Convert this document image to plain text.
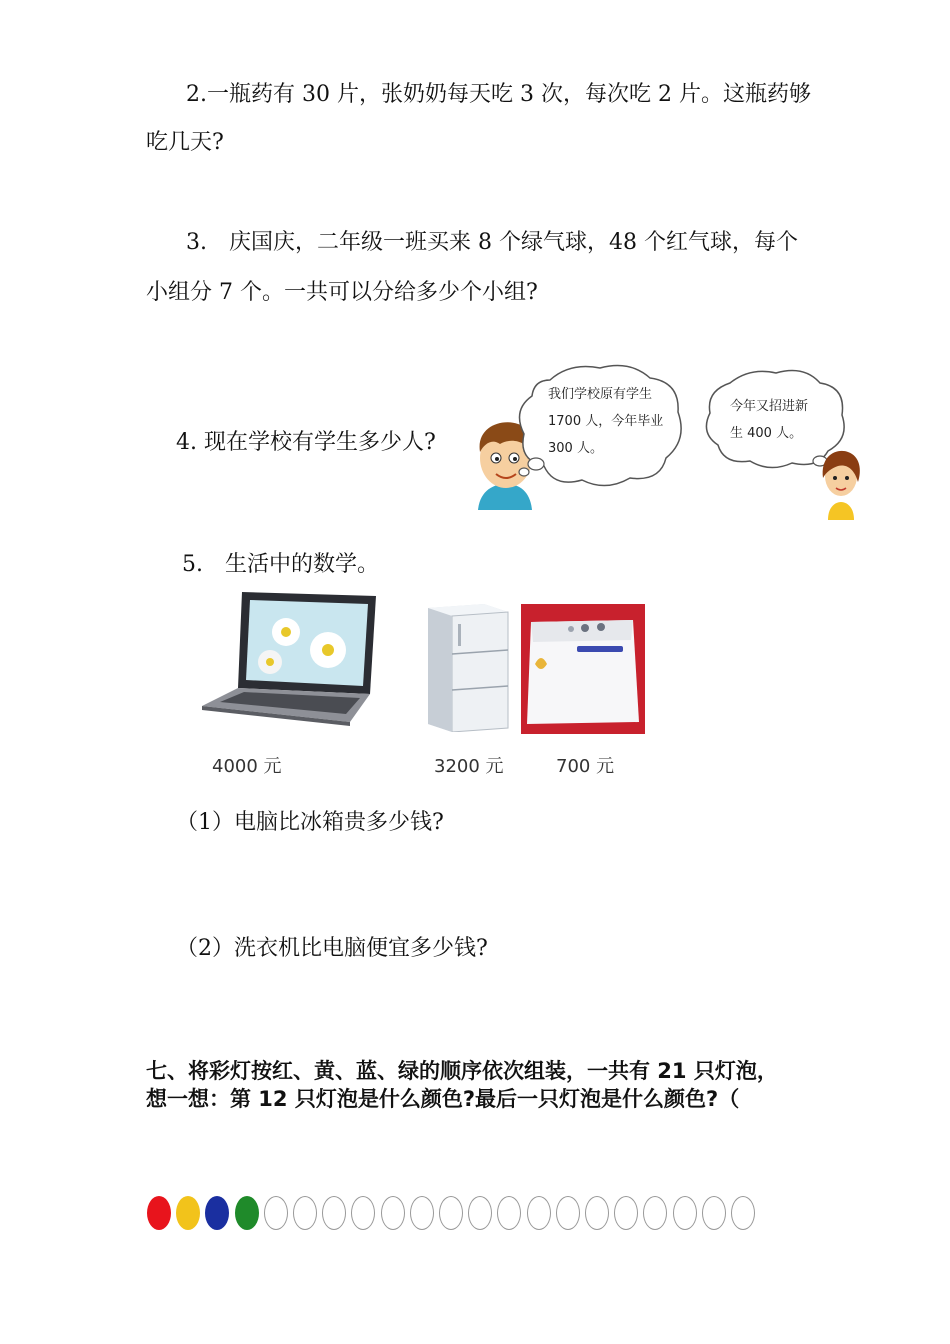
2.一瓶药有 30 片，张奶奶每天吃 3 次，每次吃 2 片。这瓶药够
吃几天?
3.　庆国庆，二年级一班买来 8 个绿气球，48 个红气球，每个
小组分 7 个。一共可以分给多少个小组?
4. 现在学校有学生多少人?
我们学校原有学生
1700 人，今年毕业
300 人。
今年又招进新
生 400 人。
5.　生活中的数学。
4000 元	3200 元	700 元
（1）电脑比冰箱贵多少钱?
（2）洗衣机比电脑便宜多少钱?
七、将彩灯按红、黄、蓝、绿的顺序依次组装，一共有 21 只灯泡，
想一想：第 12 只灯泡是什么颜色?最后一只灯泡是什么颜色?（
